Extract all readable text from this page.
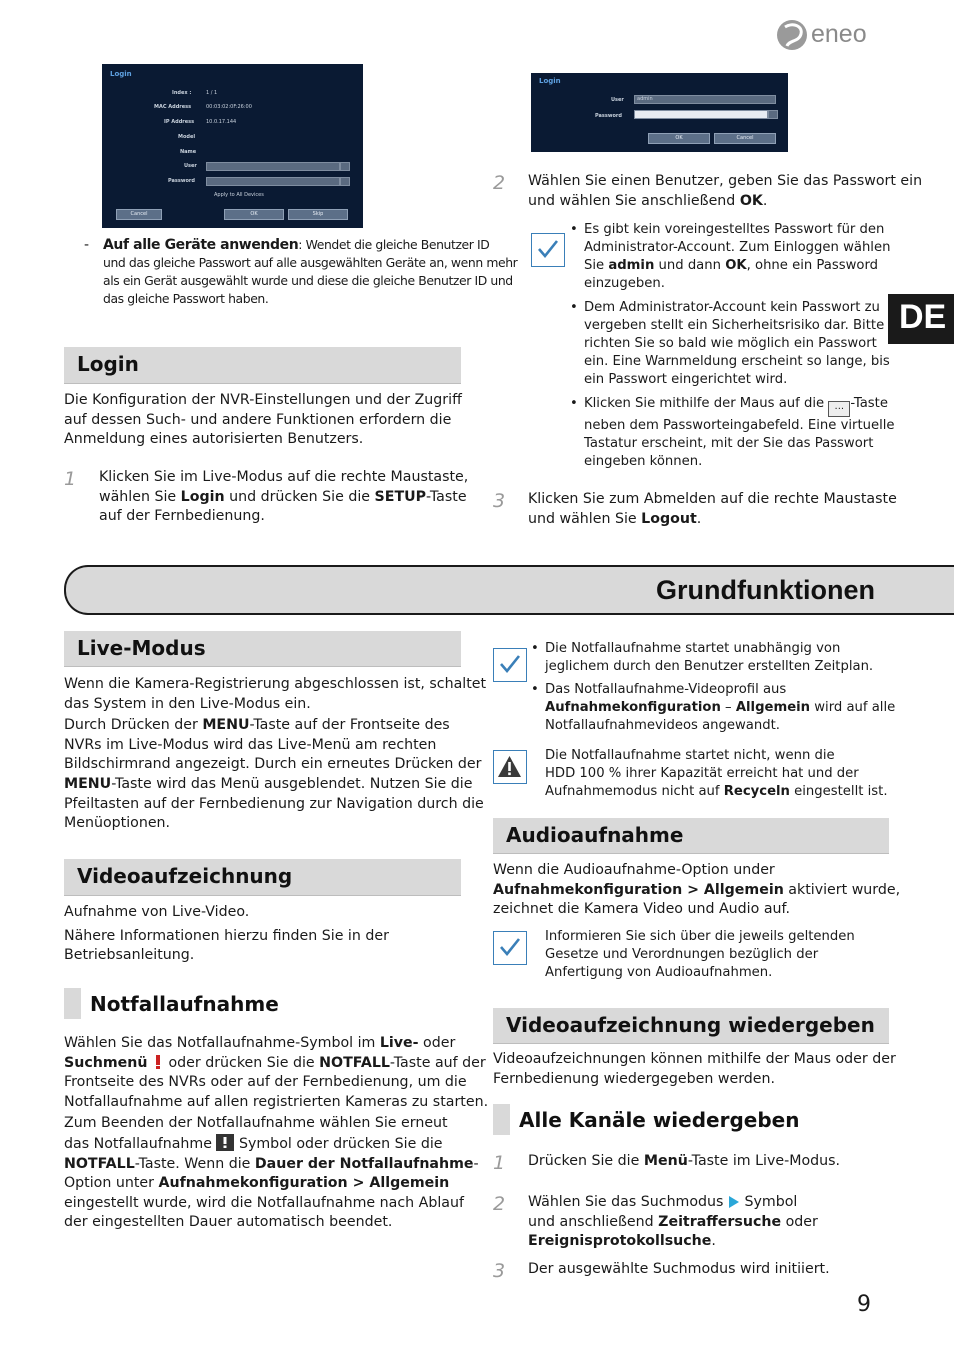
eneo
DE
Login
Index :	1 / 1
MAC Address	00:03:02:0F:26:00
IP Address 10.0.17.144
Model
Name
User
Password
Apply to All Devices
Cancel	OK	Skip
- Auf alle Geräte anwenden: Wendet die gleiche Benutzer ID
und das gleiche Passwort auf alle ausgewählten Geräte an, wenn mehr
als ein Gerät ausgewählt wurde und diese die gleiche Benutzer ID und
das gleiche Passwort haben.
Login
Die Konfiguration der NVR-Einstellungen und der Zugriff
auf dessen Such- und andere Funktionen erfordern die
Anmeldung eines autorisierten Benutzers.
1 Klicken Sie im Live-Modus auf die rechte Maustaste,
wählen Sie Login und drücken Sie die SETUP-Taste
auf der Fernbedienung.
Login
User	admin
Password
OK	Cancel
2 Wählen Sie einen Benutzer, geben Sie das Passwort ein
und wählen Sie anschließend OK.
• Es gibt kein voreingestelltes Passwort für den
Administrator-Account. Zum Einloggen wählen
Sie admin und dann OK, ohne ein Password
einzugeben.
• Dem Administrator-Account kein Passwort zu
vergeben stellt ein Sicherheitsrisiko dar. Bitte
richten Sie so bald wie möglich ein Passwort
ein. Eine Warnmeldung erscheint so lange, bis
ein Passwort eingerichtet wird.
• Klicken Sie mithilfe der Maus auf die ... -Taste
neben dem Passworteingabefeld. Eine virtuelle
Tastatur erscheint, mit der Sie das Passwort
eingeben können.
3 Klicken Sie zum Abmelden auf die rechte Maustaste
und wählen Sie Logout.
Grundfunktionen
Live-Modus
Wenn die Kamera-Registrierung abgeschlossen ist, schaltet
das System in den Live-Modus ein.

Durch Drücken der MENU-Taste auf der Frontseite des
NVRs im Live-Modus wird das Live-Menü am rechten
Bildschirmrand angezeigt. Durch ein erneutes Drücken der
MENU-Taste wird das Menü ausgeblendet. Nutzen Sie die
Pfeiltasten auf der Fernbedienung zur Navigation durch die
Menüoptionen.
Videoaufzeichnung
Aufnahme von Live-Video.

Nähere Informationen hierzu finden Sie in der
Betriebsanleitung.
Notfallaufnahme
Wählen Sie das Notfallaufnahme-Symbol im Live- oder
Suchmenü  oder drücken Sie die NOTFALL-Taste auf der
Frontseite des NVRs oder auf der Fernbedienung, um die
Notfallaufnahme auf allen registrierten Kameras zu starten.

Zum Beenden der Notfallaufnahme wählen Sie erneut
das Notfallaufnahme  Symbol oder drücken Sie die
NOTFALL-Taste. Wenn die Dauer der Notfallaufnahme-
Option unter Aufnahmekonfiguration > Allgemein
eingestellt wurde, wird die Notfallaufnahme nach Ablauf
der eingestellten Dauer automatisch beendet.
• Die Notfallaufnahme startet unabhängig von
jeglichem durch den Benutzer erstellten Zeitplan.
• Das Notfallaufnahme-Videoprofil aus
Aufnahmekonfiguration – Allgemein wird auf alle
Notfallaufnahmevideos angewandt.
Die Notfallaufnahme startet nicht, wenn die
HDD 100 % ihrer Kapazität erreicht hat und der
Aufnahmemodus nicht auf Recyceln eingestellt ist.
Audioaufnahme
Wenn die Audioaufnahme-Option under
Aufnahmekonfiguration > Allgemein aktiviert wurde,
zeichnet die Kamera Video und Audio auf.
Informieren Sie sich über die jeweils geltenden
Gesetze und Verordnungen bezüglich der
Anfertigung von Audioaufnahmen.
Videoaufzeichnung wiedergeben
Videoaufzeichnungen können mithilfe der Maus oder der
Fernbedienung wiedergegeben werden.
Alle Kanäle wiedergeben
1 Drücken Sie die Menü-Taste im Live-Modus.
2 Wählen Sie das Suchmodus  Symbol
und anschließend Zeitraffersuche oder
Ereignisprotokollsuche.
3 Der ausgewählte Suchmodus wird initiiert.
9
